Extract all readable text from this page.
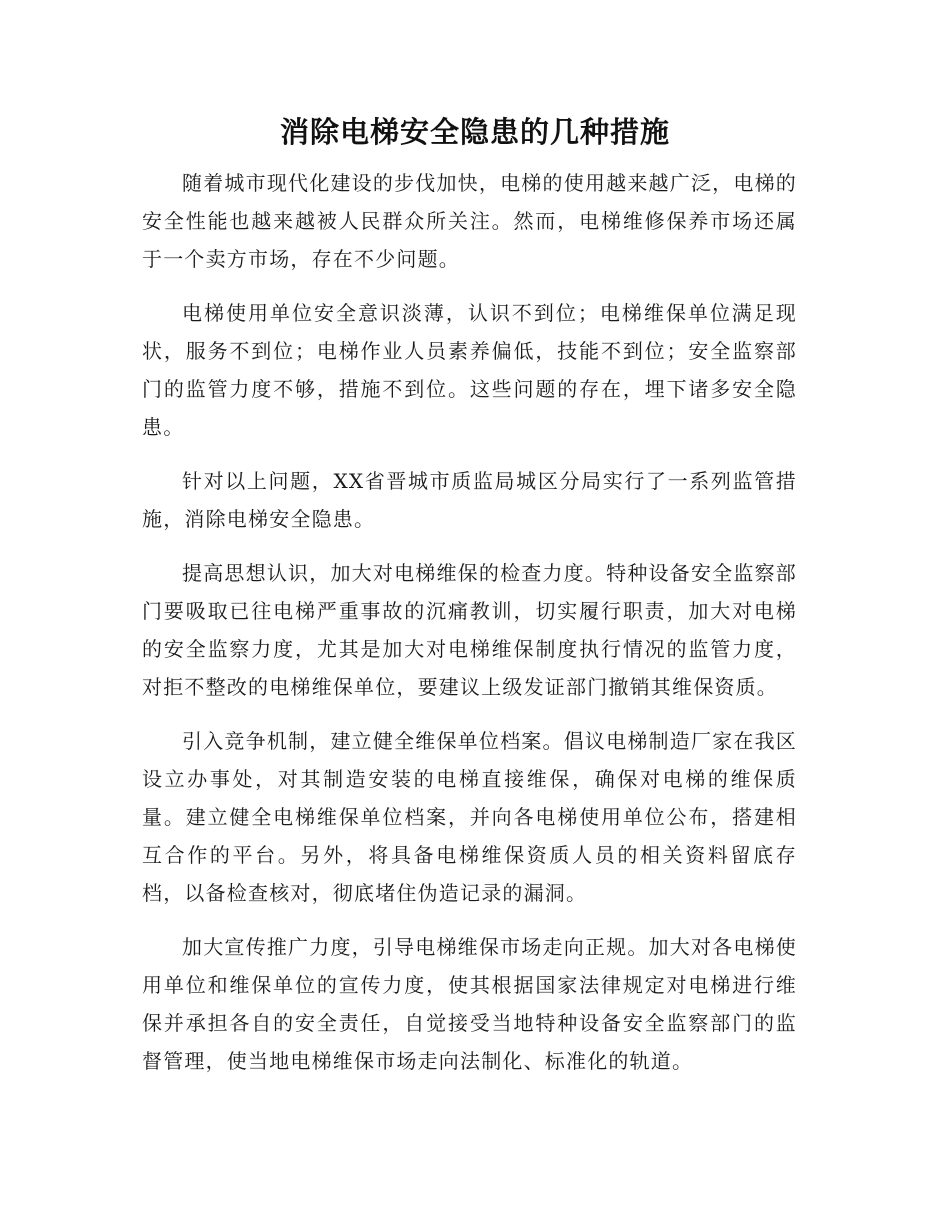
消除电梯安全隐患的几种措施

随着城市现代化建设的步伐加快，电梯的使用越来越广泛，电梯的安全性能也越来越被人民群众所关注。然而，电梯维修保养市场还属于一个卖方市场，存在不少问题。

电梯使用单位安全意识淡薄，认识不到位；电梯维保单位满足现状，服务不到位；电梯作业人员素养偏低，技能不到位；安全监察部门的监管力度不够，措施不到位。这些问题的存在，埋下诸多安全隐患。

针对以上问题，XX省晋城市质监局城区分局实行了一系列监管措施，消除电梯安全隐患。

提高思想认识，加大对电梯维保的检查力度。特种设备安全监察部门要吸取已往电梯严重事故的沉痛教训，切实履行职责，加大对电梯的安全监察力度，尤其是加大对电梯维保制度执行情况的监管力度，对拒不整改的电梯维保单位，要建议上级发证部门撤销其维保资质。

引入竞争机制，建立健全维保单位档案。倡议电梯制造厂家在我区设立办事处，对其制造安装的电梯直接维保，确保对电梯的维保质量。建立健全电梯维保单位档案，并向各电梯使用单位公布，搭建相互合作的平台。另外，将具备电梯维保资质人员的相关资料留底存档，以备检查核对，彻底堵住伪造记录的漏洞。

加大宣传推广力度，引导电梯维保市场走向正规。加大对各电梯使用单位和维保单位的宣传力度，使其根据国家法律规定对电梯进行维保并承担各自的安全责任，自觉接受当地特种设备安全监察部门的监督管理，使当地电梯维保市场走向法制化、标准化的轨道。
